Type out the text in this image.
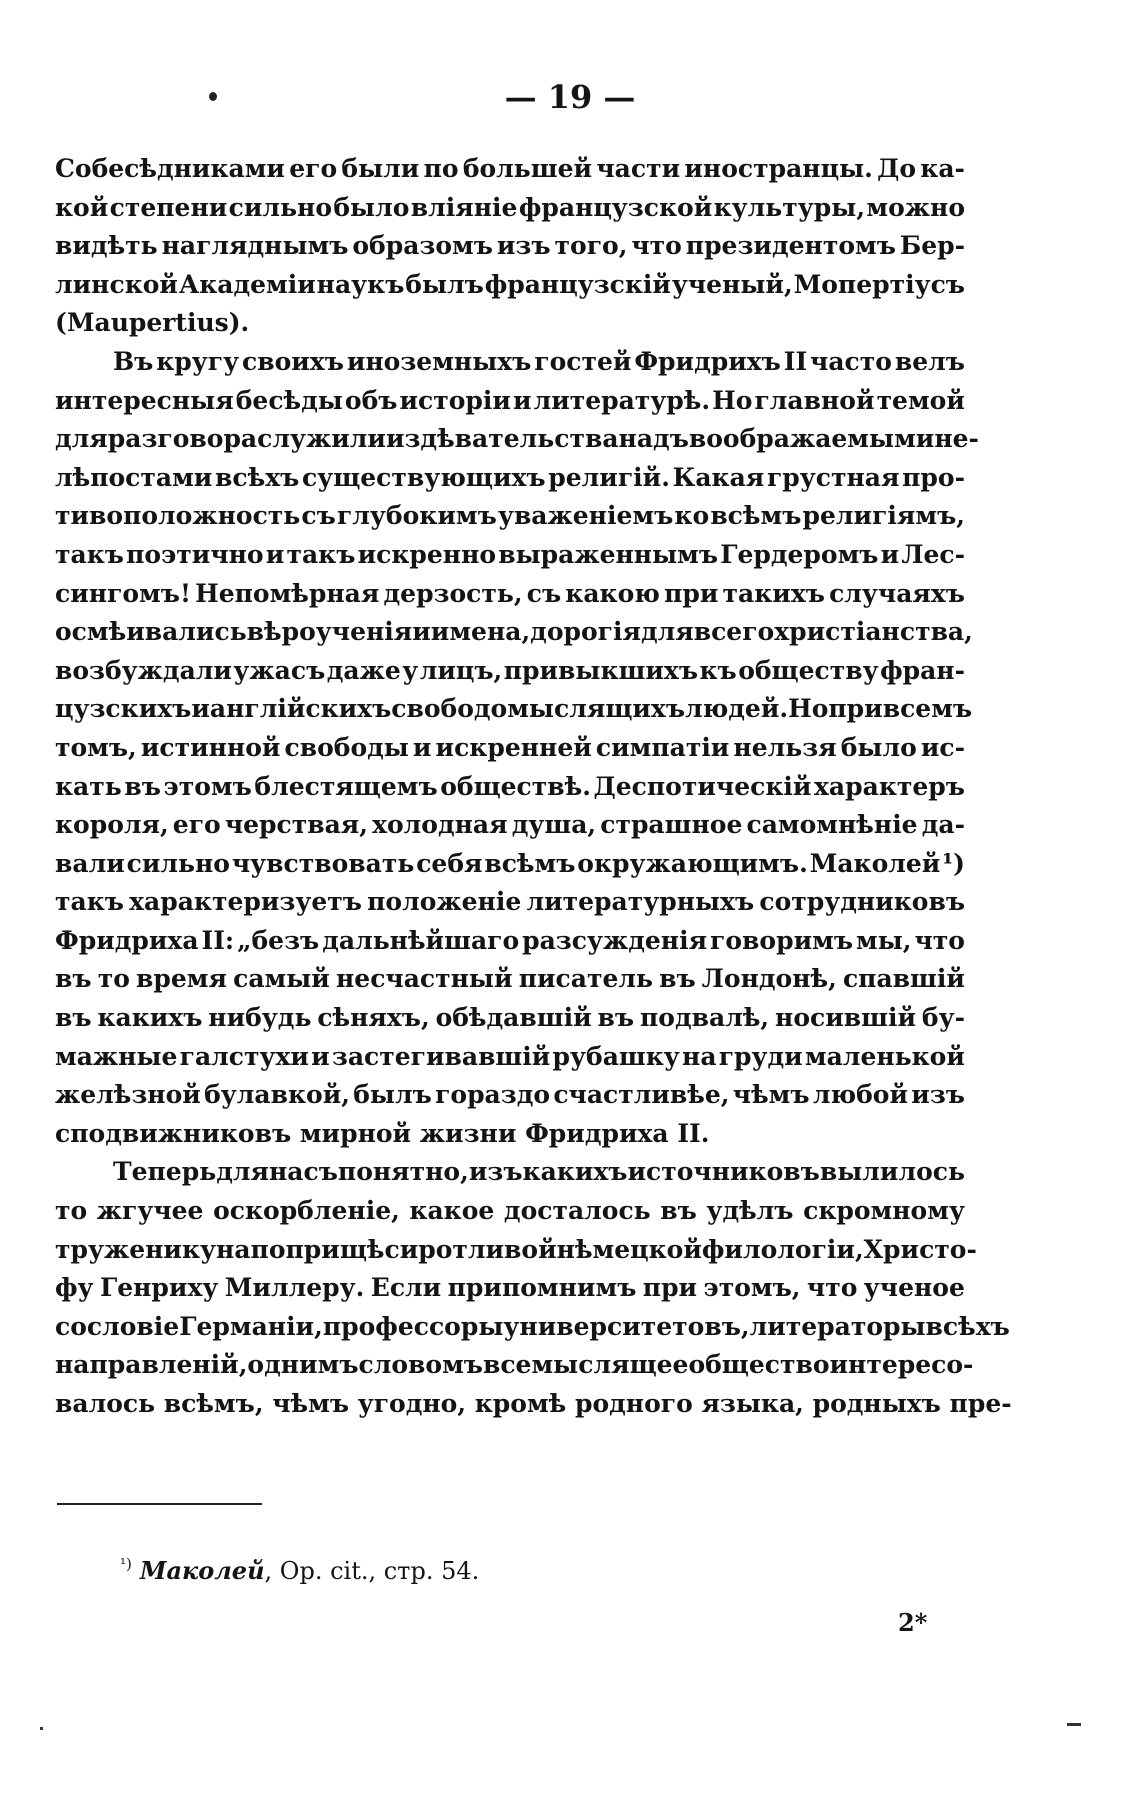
— 19 —
Собесѣдниками его были по большей части иностранцы. До ка-
кой степени сильно было вліяніе французской культуры, можно
видѣть нагляднымъ образомъ изъ того, что президентомъ Бер-
линской Академіи наукъ былъ французскій ученый, Мопертіусъ
(Maupertius).
Въ кругу своихъ иноземныхъ гостей Фридрихъ II часто велъ
интересныя бесѣды объ исторіи и литературѣ. Но главной темой
для разговора служили издѣвательства надъ воображаемыми не-
лѣпостами всѣхъ существующихъ религій. Какая грустная про-
тивоположность съ глубокимъ уваженіемъ ко всѣмъ религіямъ,
такъ поэтично и такъ искренно выраженнымъ Гердеромъ и Лес-
сингомъ! Непомѣрная дерзость, съ какою при такихъ случаяхъ
осмѣивались вѣроученія и имена, дорогія для всего христіанства,
возбуждали ужасъ даже у лицъ, привыкшихъ къ обществу фран-
цузскихъ и англійскихъ свободомыслящихъ людей. Но при всемъ
томъ, истинной свободы и искренней симпатіи нельзя было ис-
кать въ этомъ блестящемъ обществѣ. Деспотическій характеръ
короля, его черствая, холодная душа, страшное самомнѣніе да-
вали сильно чувствовать себя всѣмъ окружающимъ. Маколей ¹)
такъ характеризуетъ положеніе литературныхъ сотрудниковъ
Фридриха II: „безъ дальнѣйшаго разсужденія говоримъ мы, что
въ то время самый несчастный писатель въ Лондонѣ, спавшій
въ какихъ нибудь сѣняхъ, обѣдавшій въ подвалѣ, носившій бу-
мажные галстухи и застегивавшій рубашку на груди маленькой
желѣзной булавкой, былъ гораздо счастливѣе, чѣмъ любой изъ
сподвижниковъ мирной жизни Фридриха II.
Теперь для насъ понятно, изъ какихъ источниковъ вылилось
то жгучее оскорбленіе, какое досталось въ удѣлъ скромному
труженику на поприщѣ сиротливой нѣмецкой филологіи, Христо-
фу Генриху Миллеру. Если припомнимъ при этомъ, что ученое
сословіе Германіи, профессоры университетовъ, литераторы всѣхъ
направленій, однимъ словомъ все мыслящее общество интересо-
валось всѣмъ, чѣмъ угодно, кромѣ родного языка, родныхъ пре-
$^{^1)}$ Маколей, Op. cit., стр. 54.
2*
